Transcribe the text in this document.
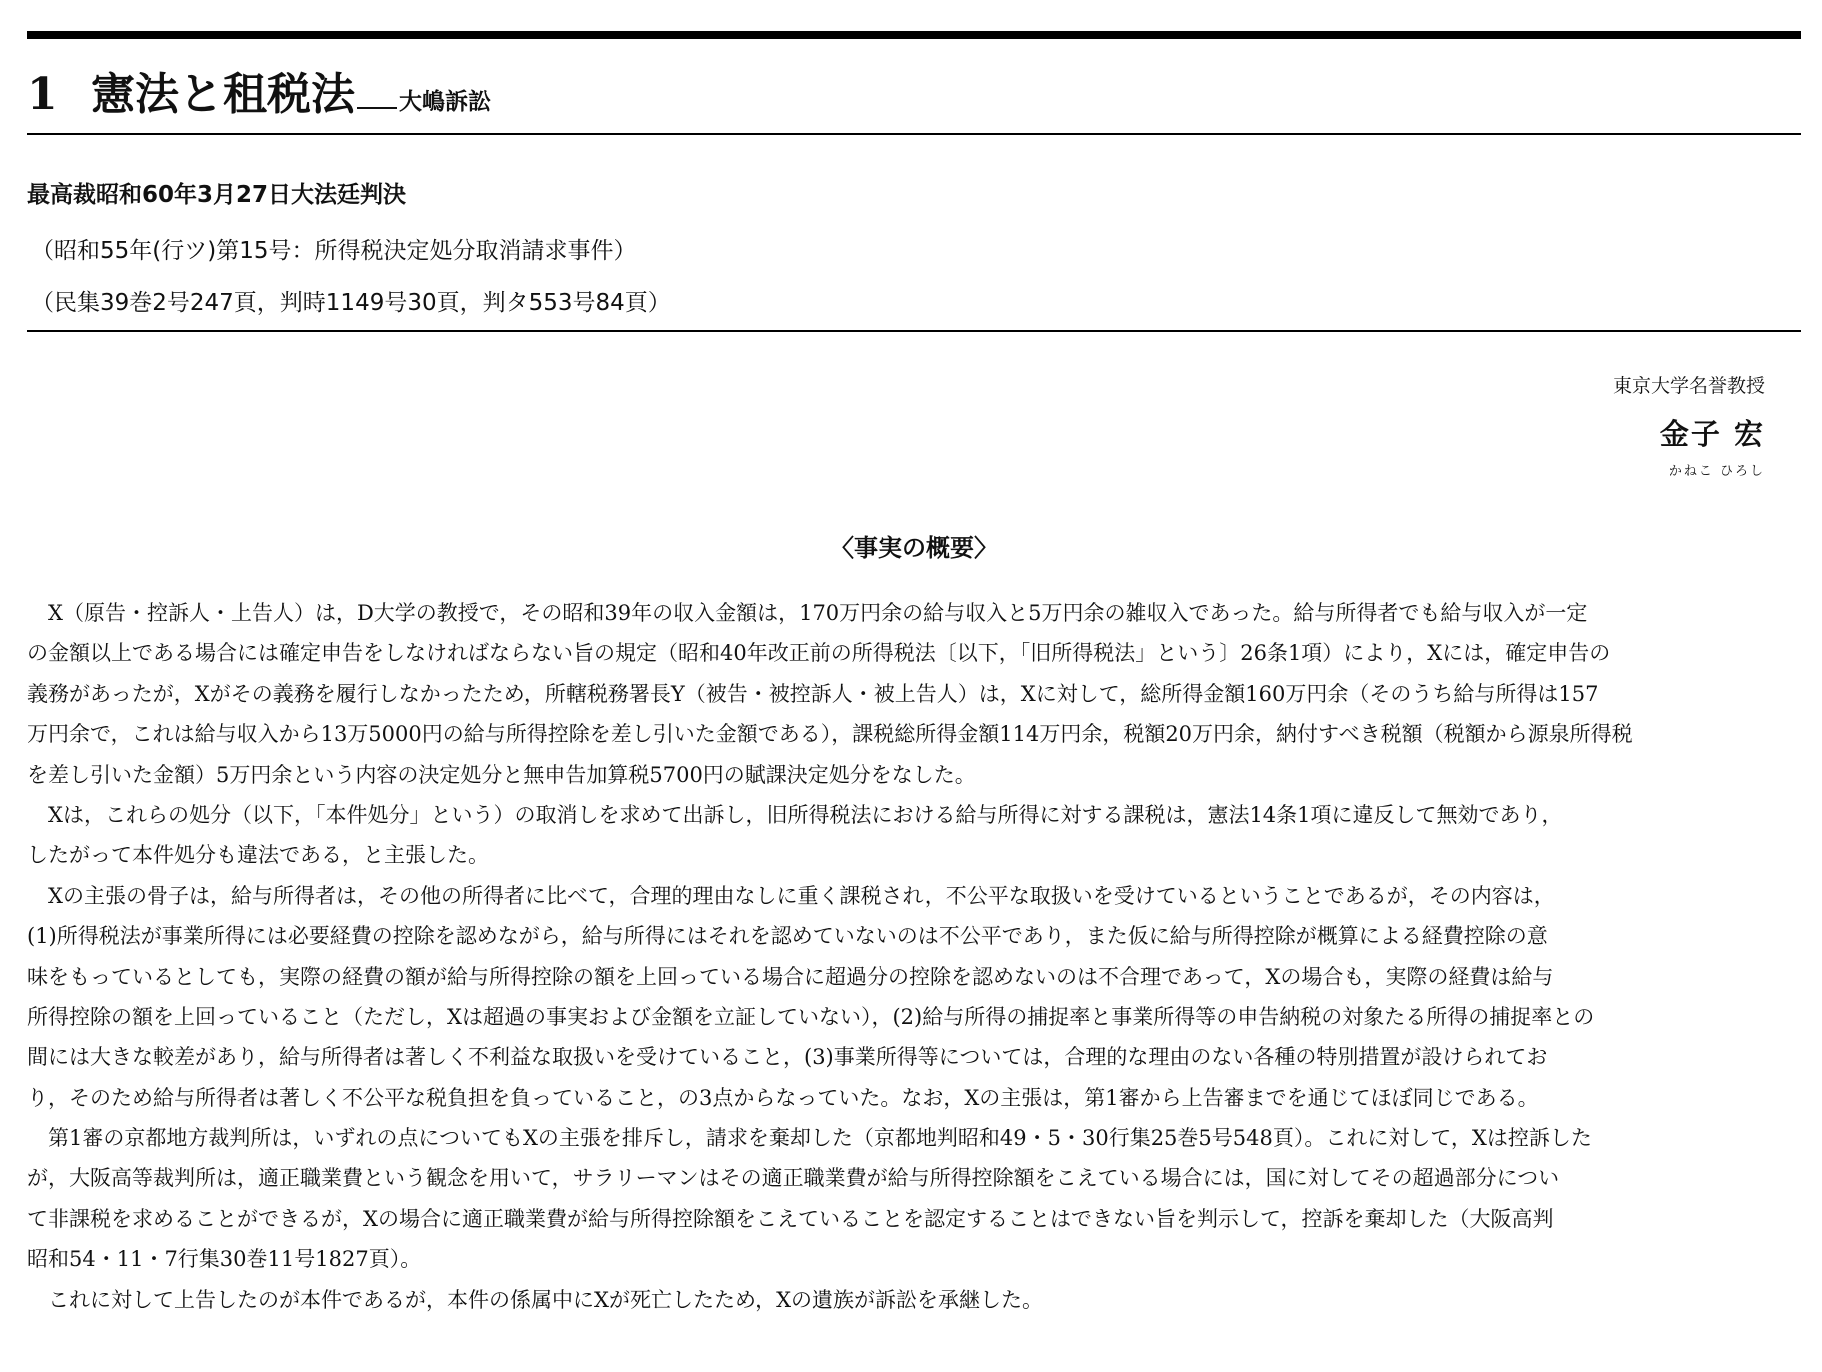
1 憲法と租税法 大嶋訴訟
最高裁昭和60年3月27日大法廷判決
（昭和55年(行ツ)第15号：所得税決定処分取消請求事件）
（民集39巻2号247頁，判時1149号30頁，判タ553号84頁）
東京大学名誉教授
金子 宏
かねこ ひろし
〈事実の概要〉
　X（原告・控訴人・上告人）は，D大学の教授で，その昭和39年の収入金額は，170万円余の給与収入と5万円余の雑収入であった。給与所得者でも給与収入が一定
の金額以上である場合には確定申告をしなければならない旨の規定（昭和40年改正前の所得税法〔以下，「旧所得税法」という〕26条1項）により，Xには，確定申告の
義務があったが，Xがその義務を履行しなかったため，所轄税務署長Y（被告・被控訴人・被上告人）は，Xに対して，総所得金額160万円余（そのうち給与所得は157
万円余で，これは給与収入から13万5000円の給与所得控除を差し引いた金額である），課税総所得金額114万円余，税額20万円余，納付すべき税額（税額から源泉所得税
を差し引いた金額）5万円余という内容の決定処分と無申告加算税5700円の賦課決定処分をなした。
　Xは，これらの処分（以下，「本件処分」という）の取消しを求めて出訴し，旧所得税法における給与所得に対する課税は，憲法14条1項に違反して無効であり，
したがって本件処分も違法である，と主張した。
　Xの主張の骨子は，給与所得者は，その他の所得者に比べて，合理的理由なしに重く課税され，不公平な取扱いを受けているということであるが，その内容は，
(1)所得税法が事業所得には必要経費の控除を認めながら，給与所得にはそれを認めていないのは不公平であり，また仮に給与所得控除が概算による経費控除の意
味をもっているとしても，実際の経費の額が給与所得控除の額を上回っている場合に超過分の控除を認めないのは不合理であって，Xの場合も，実際の経費は給与
所得控除の額を上回っていること（ただし，Xは超過の事実および金額を立証していない），(2)給与所得の捕捉率と事業所得等の申告納税の対象たる所得の捕捉率との
間には大きな較差があり，給与所得者は著しく不利益な取扱いを受けていること，(3)事業所得等については，合理的な理由のない各種の特別措置が設けられてお
り，そのため給与所得者は著しく不公平な税負担を負っていること，の3点からなっていた。なお，Xの主張は，第1審から上告審までを通じてほぼ同じである。
　第1審の京都地方裁判所は，いずれの点についてもXの主張を排斥し，請求を棄却した（京都地判昭和49・5・30行集25巻5号548頁）。これに対して，Xは控訴した
が，大阪高等裁判所は，適正職業費という観念を用いて，サラリーマンはその適正職業費が給与所得控除額をこえている場合には，国に対してその超過部分につい
て非課税を求めることができるが，Xの場合に適正職業費が給与所得控除額をこえていることを認定することはできない旨を判示して，控訴を棄却した（大阪高判
昭和54・11・7行集30巻11号1827頁）。
　これに対して上告したのが本件であるが，本件の係属中にXが死亡したため，Xの遺族が訴訟を承継した。
